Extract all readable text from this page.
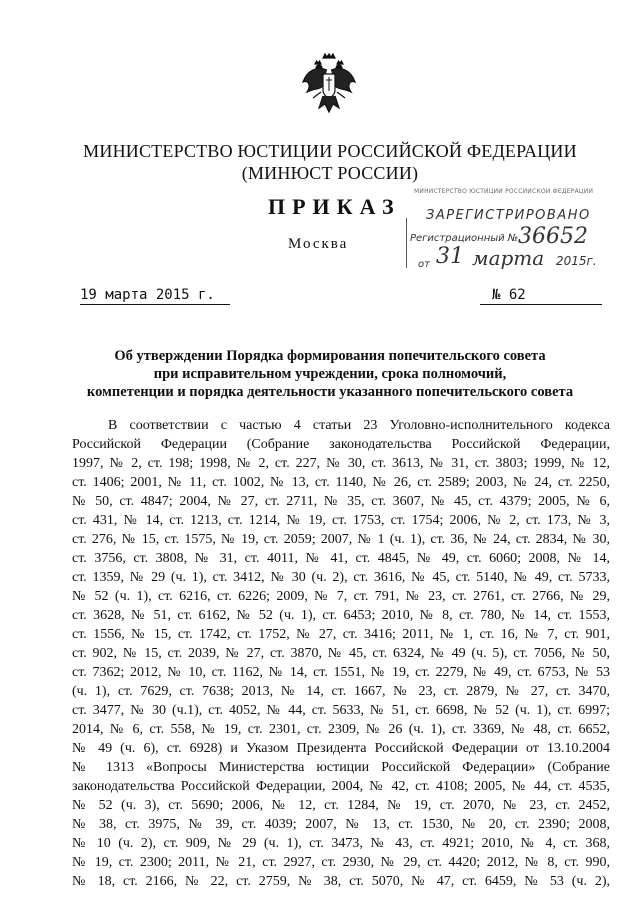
МИНИСТЕРСТВО ЮСТИЦИИ РОССИЙСКОЙ ФЕДЕРАЦИИ
(МИНЮСТ РОССИИ)
ПРИКАЗ
Москва
МИНИСТЕРСТВО ЮСТИЦИИ РОССИЙСКОЙ ФЕДЕРАЦИИ
ЗАРЕГИСТРИРОВАНО
Регистрационный № 36652
от 31 марта 2015г.
19 марта 2015 г.	№ 62
Об утверждении Порядка формирования попечительского совета
при исправительном учреждении, срока полномочий,
компетенции и порядка деятельности указанного попечительского совета
В соответствии с частью 4 статьи 23 Уголовно-исполнительного кодекса
Российской Федерации (Собрание законодательства Российской Федерации,
1997, № 2, ст. 198; 1998, № 2, ст. 227, № 30, ст. 3613, № 31, ст. 3803; 1999, № 12,
ст. 1406; 2001, № 11, ст. 1002, № 13, ст. 1140, № 26, ст. 2589; 2003, № 24, ст. 2250,
№ 50, ст. 4847; 2004, № 27, ст. 2711, № 35, ст. 3607, № 45, ст. 4379; 2005, № 6,
ст. 431, № 14, ст. 1213, ст. 1214, № 19, ст. 1753, ст. 1754; 2006, № 2, ст. 173, № 3,
ст. 276, № 15, ст. 1575, № 19, ст. 2059; 2007, № 1 (ч. 1), ст. 36, № 24, ст. 2834, № 30,
ст. 3756, ст. 3808, № 31, ст. 4011, № 41, ст. 4845, № 49, ст. 6060; 2008, № 14,
ст. 1359, № 29 (ч. 1), ст. 3412, № 30 (ч. 2), ст. 3616, № 45, ст. 5140, № 49, ст. 5733,
№ 52 (ч. 1), ст. 6216, ст. 6226; 2009, № 7, ст. 791, № 23, ст. 2761, ст. 2766, № 29,
ст. 3628, № 51, ст. 6162, № 52 (ч. 1), ст. 6453; 2010, № 8, ст. 780, № 14, ст. 1553,
ст. 1556, № 15, ст. 1742, ст. 1752, № 27, ст. 3416; 2011, № 1, ст. 16, № 7, ст. 901,
ст. 902, № 15, ст. 2039, № 27, ст. 3870, № 45, ст. 6324, № 49 (ч. 5), ст. 7056, № 50,
ст. 7362; 2012, № 10, ст. 1162, № 14, ст. 1551, № 19, ст. 2279, № 49, ст. 6753, № 53
(ч. 1), ст. 7629, ст. 7638; 2013, № 14, ст. 1667, № 23, ст. 2879, № 27, ст. 3470,
ст. 3477, № 30 (ч.1), ст. 4052, № 44, ст. 5633, № 51, ст. 6698, № 52 (ч. 1), ст. 6997;
2014, № 6, ст. 558, № 19, ст. 2301, ст. 2309, № 26 (ч. 1), ст. 3369, № 48, ст. 6652,
№ 49 (ч. 6), ст. 6928) и Указом Президента Российской Федерации от 13.10.2004
№ 1313 «Вопросы Министерства юстиции Российской Федерации» (Собрание
законодательства Российской Федерации, 2004, № 42, ст. 4108; 2005, № 44, ст. 4535,
№ 52 (ч. 3), ст. 5690; 2006, № 12, ст. 1284, № 19, ст. 2070, № 23, ст. 2452,
№ 38, ст. 3975, № 39, ст. 4039; 2007, № 13, ст. 1530, № 20, ст. 2390; 2008,
№ 10 (ч. 2), ст. 909, № 29 (ч. 1), ст. 3473, № 43, ст. 4921; 2010, № 4, ст. 368,
№ 19, ст. 2300; 2011, № 21, ст. 2927, ст. 2930, № 29, ст. 4420; 2012, № 8, ст. 990,
№ 18, ст. 2166, № 22, ст. 2759, № 38, ст. 5070, № 47, ст. 6459, № 53 (ч. 2),
